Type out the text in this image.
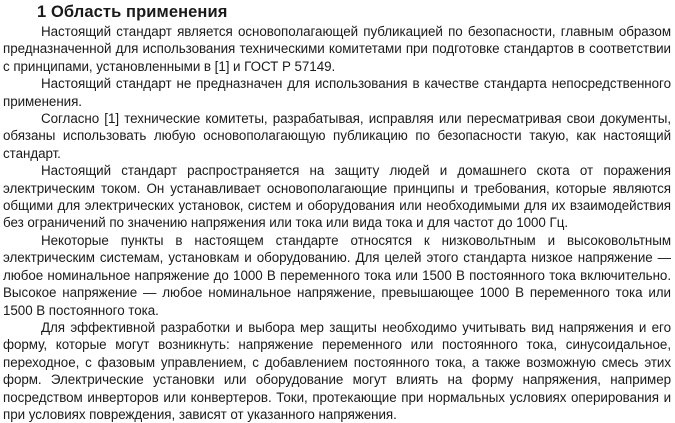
1 Область применения

Настоящий стандарт является основополагающей публикацией по безопасности, главным образом предназначенной для использования техническими комитетами при подготовке стандартов в соответствии с принципами, установленными в [1] и ГОСТ Р 57149.

Настоящий стандарт не предназначен для использования в качестве стандарта непосредственного применения.

Согласно [1] технические комитеты, разрабатывая, исправляя или пересматривая свои документы, обязаны использовать любую основополагающую публикацию по безопасности такую, как настоящий стандарт.

Настоящий стандарт распространяется на защиту людей и домашнего скота от поражения электрическим током. Он устанавливает основополагающие принципы и требования, которые являются общими для электрических установок, систем и оборудования или необходимыми для их взаимодействия без ограничений по значению напряжения или тока или вида тока и для частот до 1000 Гц.

Некоторые пункты в настоящем стандарте относятся к низковольтным и высоковольтным электрическим системам, установкам и оборудованию. Для целей этого стандарта низкое напряжение — любое номинальное напряжение до 1000 В переменного тока или 1500 В постоянного тока включительно. Высокое напряжение — любое номинальное напряжение, превышающее 1000 В переменного тока или 1500 В постоянного тока.

Для эффективной разработки и выбора мер защиты необходимо учитывать вид напряжения и его форму, которые могут возникнуть: напряжение переменного или постоянного тока, синусоидальное, переходное, с фазовым управлением, с добавлением постоянного тока, а также возможную смесь этих форм. Электрические установки или оборудование могут влиять на форму напряжения, например посредством инверторов или конвертеров. Токи, протекающие при нормальных условиях оперирования и при условиях повреждения, зависят от указанного напряжения.
